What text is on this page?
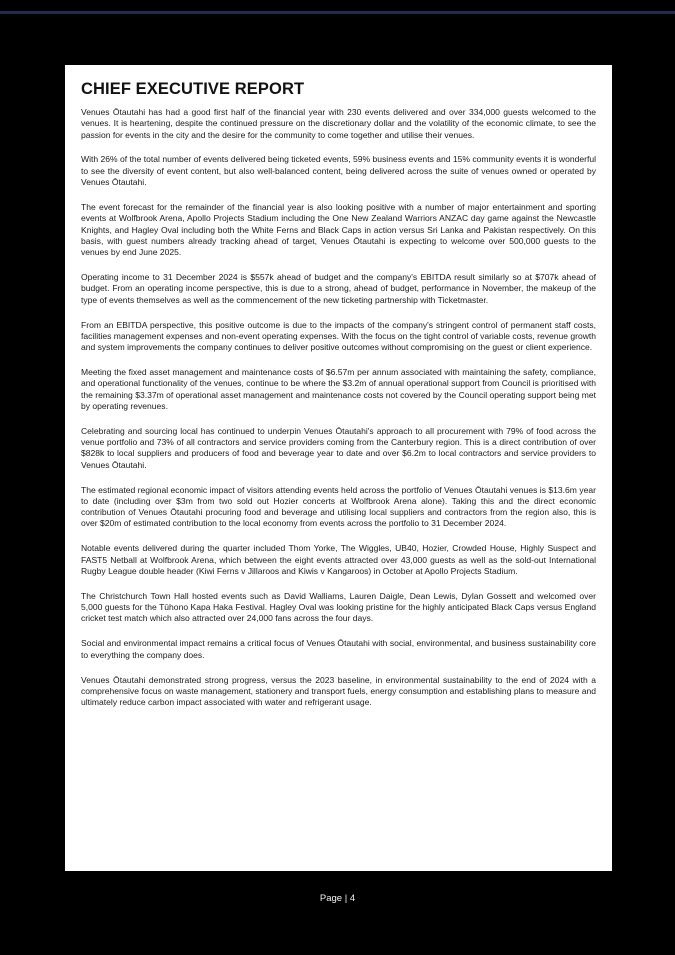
CHIEF EXECUTIVE REPORT

Venues Ōtautahi has had a good first half of the financial year with 230 events delivered and over 334,000 guests welcomed to the venues. It is heartening, despite the continued pressure on the discretionary dollar and the volatility of the economic climate, to see the passion for events in the city and the desire for the community to come together and utilise their venues.

With 26% of the total number of events delivered being ticketed events, 59% business events and 15% community events it is wonderful to see the diversity of event content, but also well-balanced content, being delivered across the suite of venues owned or operated by Venues Ōtautahi.

The event forecast for the remainder of the financial year is also looking positive with a number of major entertainment and sporting events at Wolfbrook Arena, Apollo Projects Stadium including the One New Zealand Warriors ANZAC day game against the Newcastle Knights, and Hagley Oval including both the White Ferns and Black Caps in action versus Sri Lanka and Pakistan respectively. On this basis, with guest numbers already tracking ahead of target, Venues Ōtautahi is expecting to welcome over 500,000 guests to the venues by end June 2025.

Operating income to 31 December 2024 is $557k ahead of budget and the company's EBITDA result similarly so at $707k ahead of budget. From an operating income perspective, this is due to a strong, ahead of budget, performance in November, the makeup of the type of events themselves as well as the commencement of the new ticketing partnership with Ticketmaster.

From an EBITDA perspective, this positive outcome is due to the impacts of the company's stringent control of permanent staff costs, facilities management expenses and non-event operating expenses. With the focus on the tight control of variable costs, revenue growth and system improvements the company continues to deliver positive outcomes without compromising on the guest or client experience.

Meeting the fixed asset management and maintenance costs of $6.57m per annum associated with maintaining the safety, compliance, and operational functionality of the venues, continue to be where the $3.2m of annual operational support from Council is prioritised with the remaining $3.37m of operational asset management and maintenance costs not covered by the Council operating support being met by operating revenues.

Celebrating and sourcing local has continued to underpin Venues Ōtautahi's approach to all procurement with 79% of food across the venue portfolio and 73% of all contractors and service providers coming from the Canterbury region. This is a direct contribution of over $828k to local suppliers and producers of food and beverage year to date and over $6.2m to local contractors and service providers to Venues Ōtautahi.

The estimated regional economic impact of visitors attending events held across the portfolio of Venues Ōtautahi venues is $13.6m year to date (including over $3m from two sold out Hozier concerts at Wolfbrook Arena alone). Taking this and the direct economic contribution of Venues Ōtautahi procuring food and beverage and utilising local suppliers and contractors from the region also, this is over $20m of estimated contribution to the local economy from events across the portfolio to 31 December 2024.

Notable events delivered during the quarter included Thom Yorke, The Wiggles, UB40, Hozier, Crowded House, Highly Suspect and FAST5 Netball at Wolfbrook Arena, which between the eight events attracted over 43,000 guests as well as the sold-out International Rugby League double header (Kiwi Ferns v Jillaroos and Kiwis v Kangaroos) in October at Apollo Projects Stadium.

The Christchurch Town Hall hosted events such as David Walliams, Lauren Daigle, Dean Lewis, Dylan Gossett and welcomed over 5,000 guests for the Tūhono Kapa Haka Festival. Hagley Oval was looking pristine for the highly anticipated Black Caps versus England cricket test match which also attracted over 24,000 fans across the four days.

Social and environmental impact remains a critical focus of Venues Ōtautahi with social, environmental, and business sustainability core to everything the company does.

Venues Ōtautahi demonstrated strong progress, versus the 2023 baseline, in environmental sustainability to the end of 2024 with a comprehensive focus on waste management, stationery and transport fuels, energy consumption and establishing plans to measure and ultimately reduce carbon impact associated with water and refrigerant usage.

Page | 4
